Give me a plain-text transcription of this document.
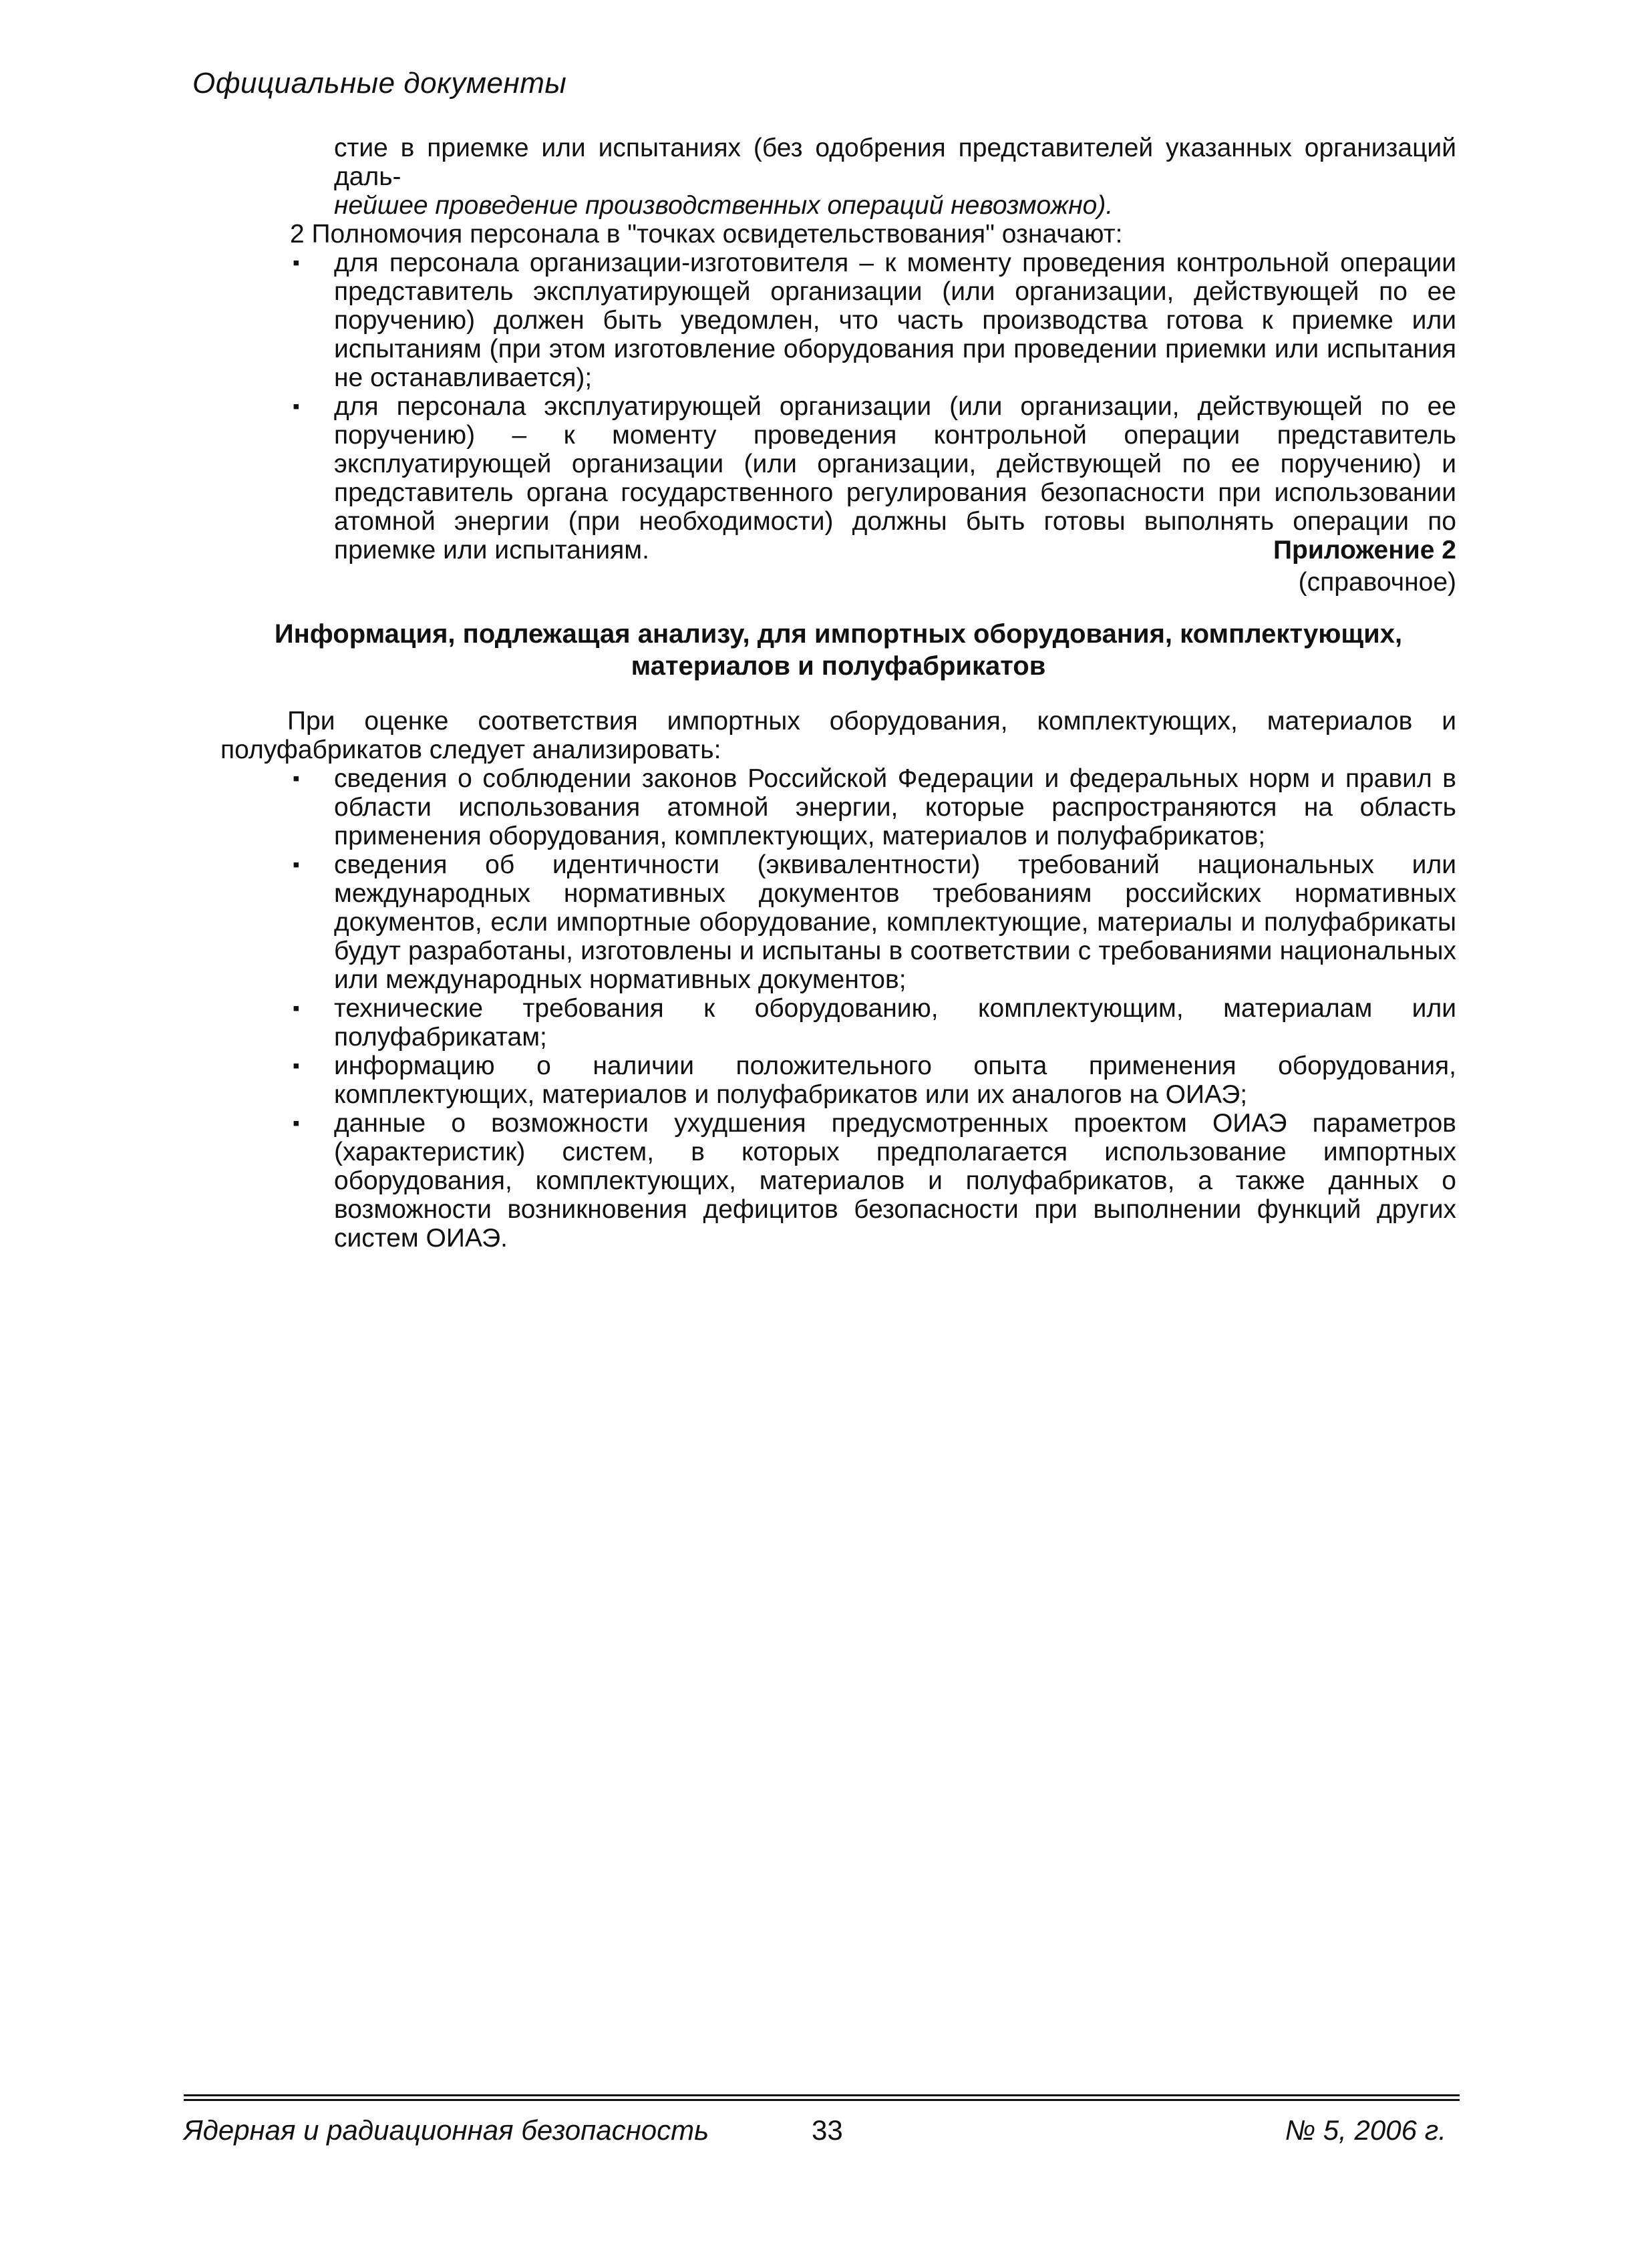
Официальные документы

стие в приемке или испытаниях (без одобрения представителей указанных организаций даль-

нейшее проведение производственных операций невозможно).

2 Полномочия персонала в "точках освидетельствования" означают:

▪ для персонала организации-изготовителя – к моменту проведения контрольной операции представитель эксплуатирующей организации (или организации, действующей по ее поручению) должен быть уведомлен, что часть производства готова к приемке или испытаниям (при этом изготовление оборудования при проведении приемки или испытания не останавливается);
▪ для персонала эксплуатирующей организации (или организации, действующей по ее поручению) – к моменту проведения контрольной операции представитель эксплуатирующей организации (или организации, действующей по ее поручению) и представитель органа государственного регулирования безопасности при использовании атомной энергии (при необходимости) должны быть готовы выполнять операции по приемке или испытаниям.	Приложение 2
(справочное)
Информация, подлежащая анализу, для импортных оборудования, комплектующих,
материалов и полуфабрикатов

При оценке соответствия импортных оборудования, комплектующих, материалов и полуфабрикатов следует анализировать:

▪ сведения о соблюдении законов Российской Федерации и федеральных норм и правил в области использования атомной энергии, которые распространяются на область применения оборудования, комплектующих, материалов и полуфабрикатов;
▪ сведения об идентичности (эквивалентности) требований национальных или международных нормативных документов требованиям российских нормативных документов, если импортные оборудование, комплектующие, материалы и полуфабрикаты будут разработаны, изготовлены и испытаны в соответствии с требованиями национальных или международных нормативных документов;
▪ технические требования к оборудованию, комплектующим, материалам или полуфабрикатам;
▪ информацию о наличии положительного опыта применения оборудования, комплектующих, материалов и полуфабрикатов или их аналогов на ОИАЭ;
▪ данные о возможности ухудшения предусмотренных проектом ОИАЭ параметров (характеристик) систем, в которых предполагается использование импортных оборудования, комплектующих, материалов и полуфабрикатов, а также данных о возможности возникновения дефицитов безопасности при выполнении функций других систем ОИАЭ.
Ядерная и радиационная безопасность	33	№ 5, 2006 г.
